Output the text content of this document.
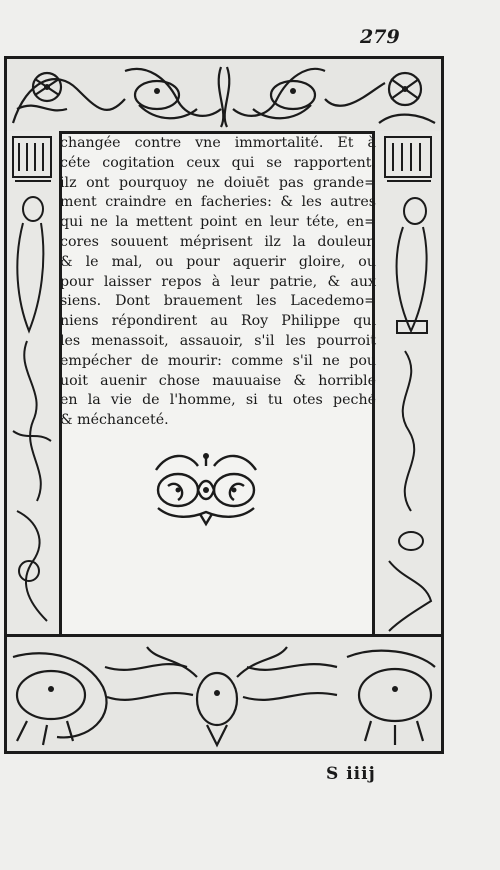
279
changée contre vne immortalité. Et à
céte cogitation ceux qui se rapportent,
ilz ont pourquoy ne doiuēt pas grande=
ment craindre en facheries: & les autres
qui ne la mettent point en leur téte, en=
cores souuent méprisent ilz la douleur,
& le mal, ou pour aquerir gloire, ou
pour laisser repos à leur patrie, & aux
siens. Dont brauement les Lacedemo=
niens répondirent au Roy Philippe qui
les menassoit, assauoir, s'il les pourroit
empécher de mourir: comme s'il ne pou
uoit auenir chose mauuaise & horrible
en la vie de l'homme, si tu otes peché
& méchanceté.
S iiij
